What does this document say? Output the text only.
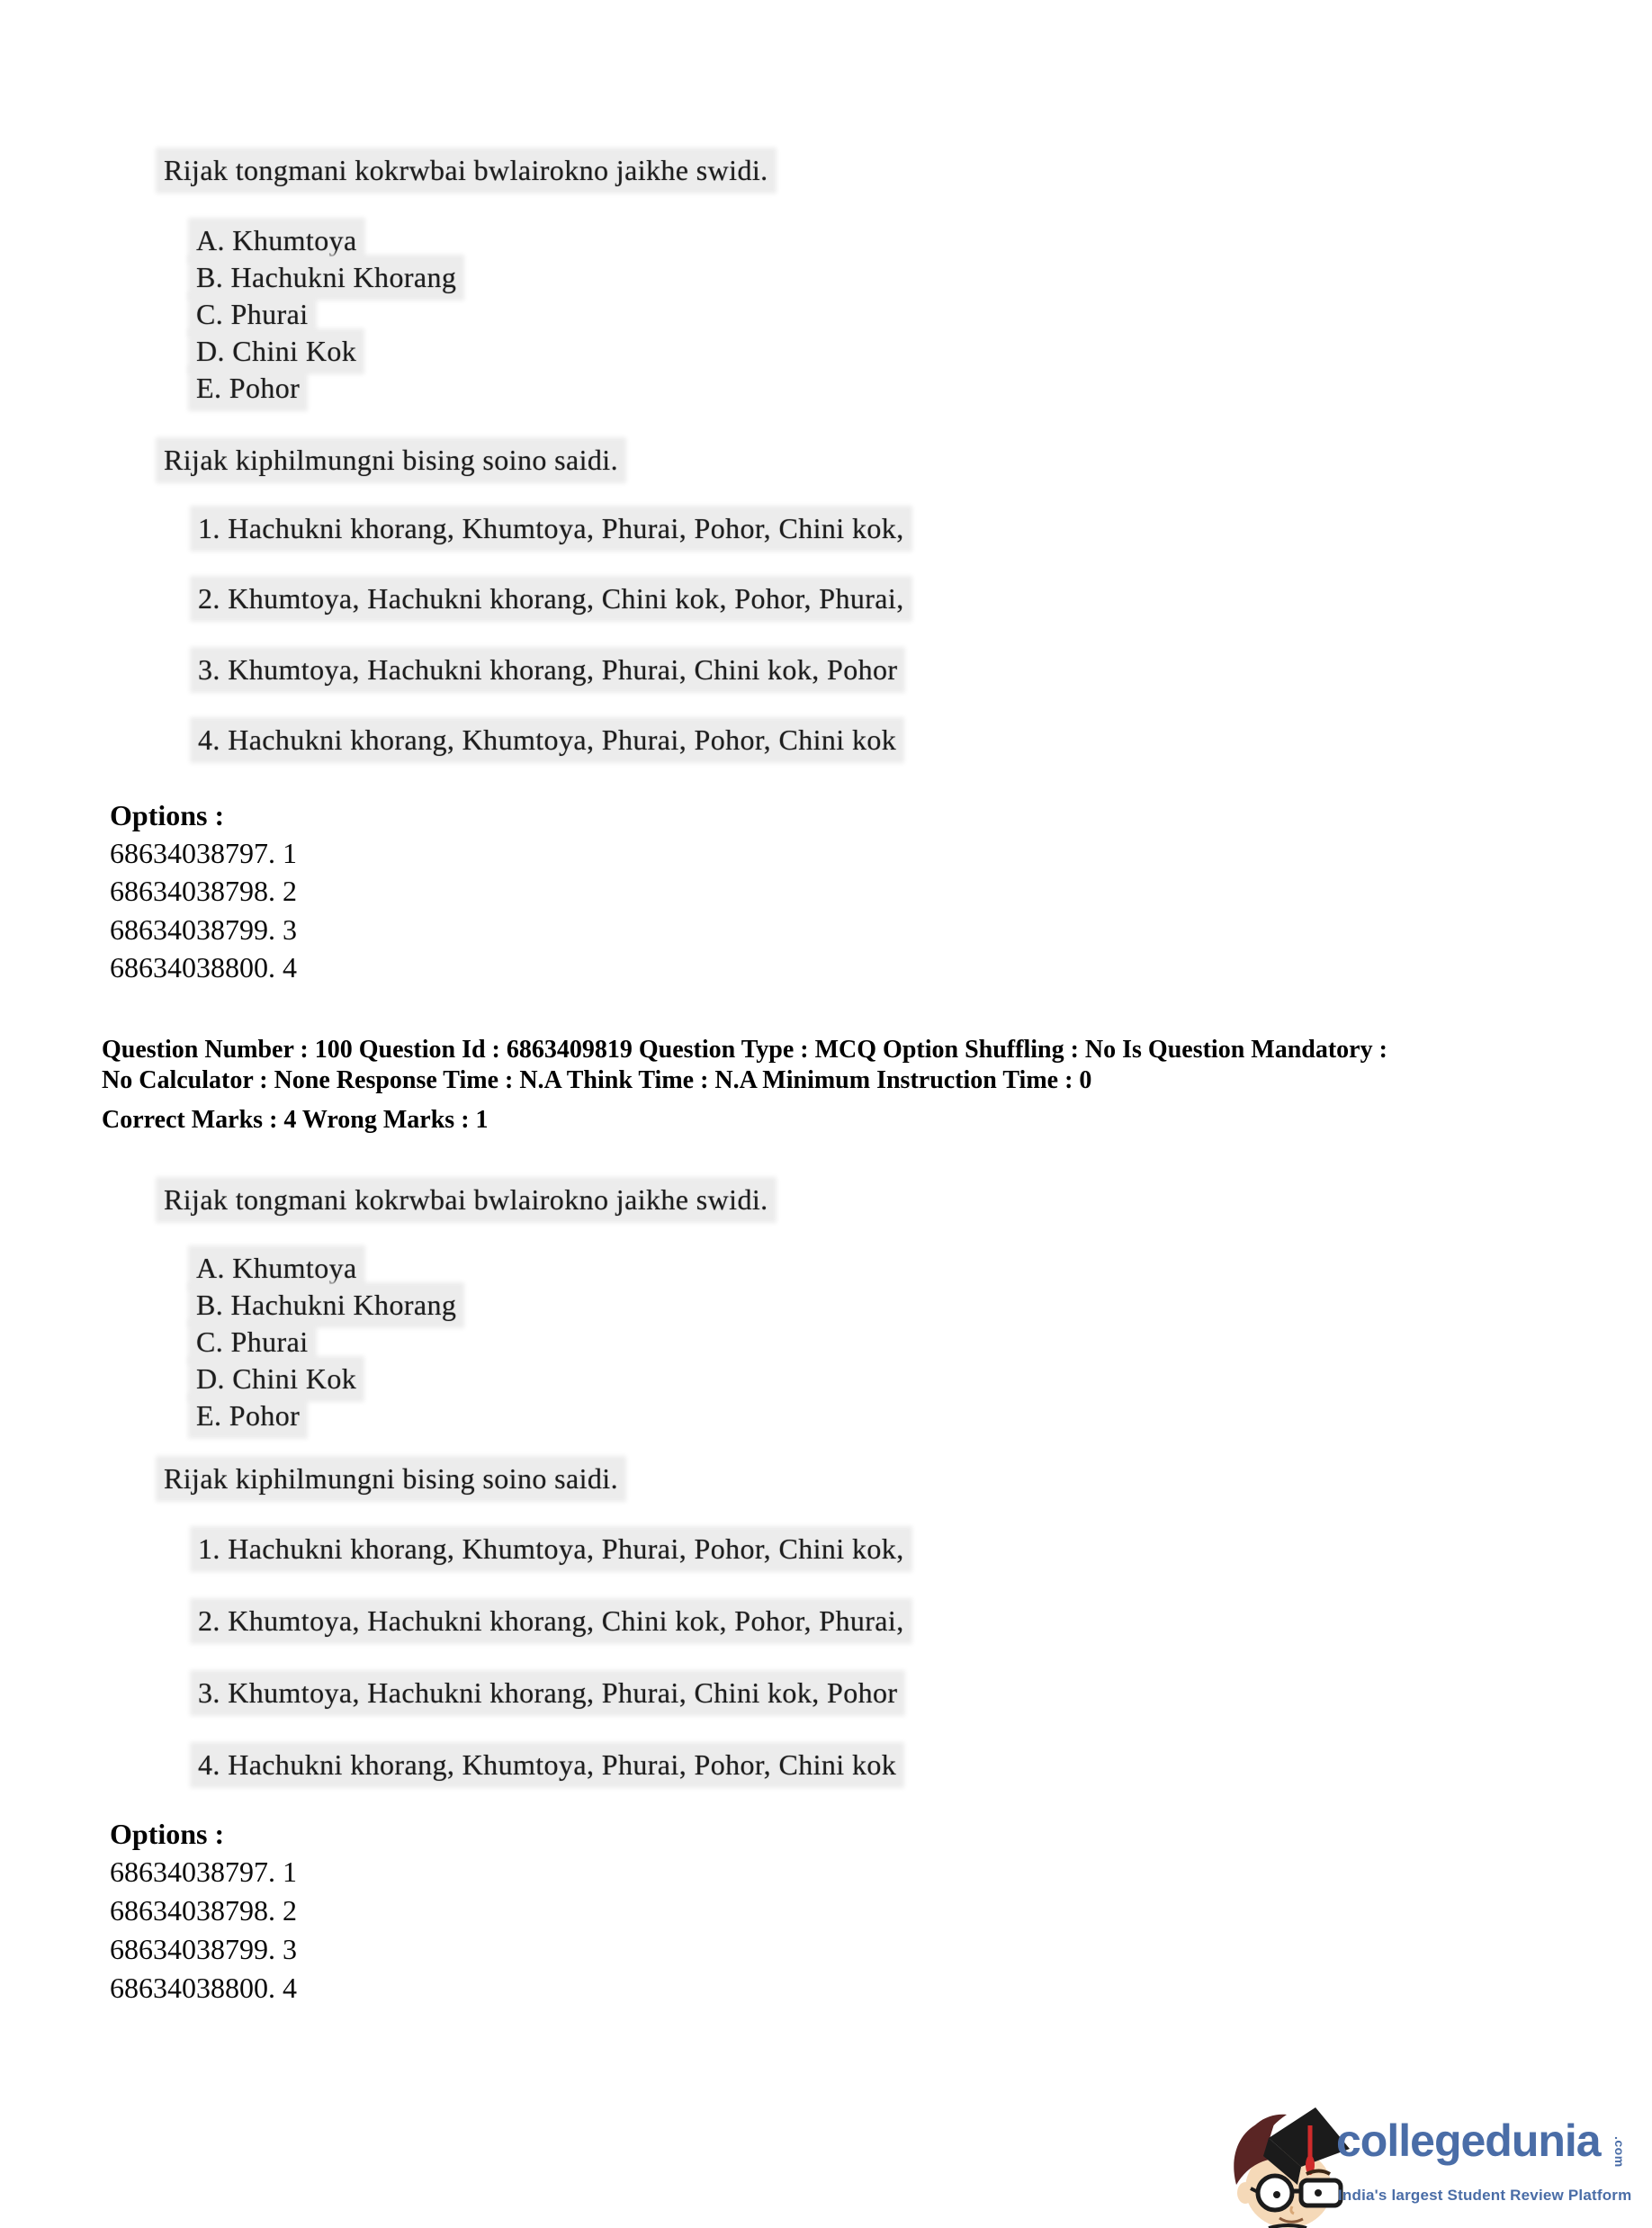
Rijak tongmani kokrwbai bwlairokno jaikhe swidi.
A. Khumtoya
B. Hachukni Khorang
C. Phurai
D. Chini Kok
E. Pohor
Rijak kiphilmungni bising soino saidi.
1. Hachukni khorang, Khumtoya, Phurai, Pohor, Chini kok,
2. Khumtoya, Hachukni khorang, Chini kok, Pohor, Phurai,
3. Khumtoya, Hachukni khorang, Phurai, Chini kok, Pohor
4. Hachukni khorang, Khumtoya, Phurai, Pohor, Chini kok
Options :
68634038797. 1
68634038798. 2
68634038799. 3
68634038800. 4
Question Number : 100 Question Id : 6863409819 Question Type : MCQ Option Shuffling : No Is Question Mandatory :
No Calculator : None Response Time : N.A Think Time : N.A Minimum Instruction Time : 0
Correct Marks : 4 Wrong Marks : 1
Rijak tongmani kokrwbai bwlairokno jaikhe swidi.
A. Khumtoya
B. Hachukni Khorang
C. Phurai
D. Chini Kok
E. Pohor
Rijak kiphilmungni bising soino saidi.
1. Hachukni khorang, Khumtoya, Phurai, Pohor, Chini kok,
2. Khumtoya, Hachukni khorang, Chini kok, Pohor, Phurai,
3. Khumtoya, Hachukni khorang, Phurai, Chini kok, Pohor
4. Hachukni khorang, Khumtoya, Phurai, Pohor, Chini kok
Options :
68634038797. 1
68634038798. 2
68634038799. 3
68634038800. 4
collegedunia .com
India's largest Student Review Platform
